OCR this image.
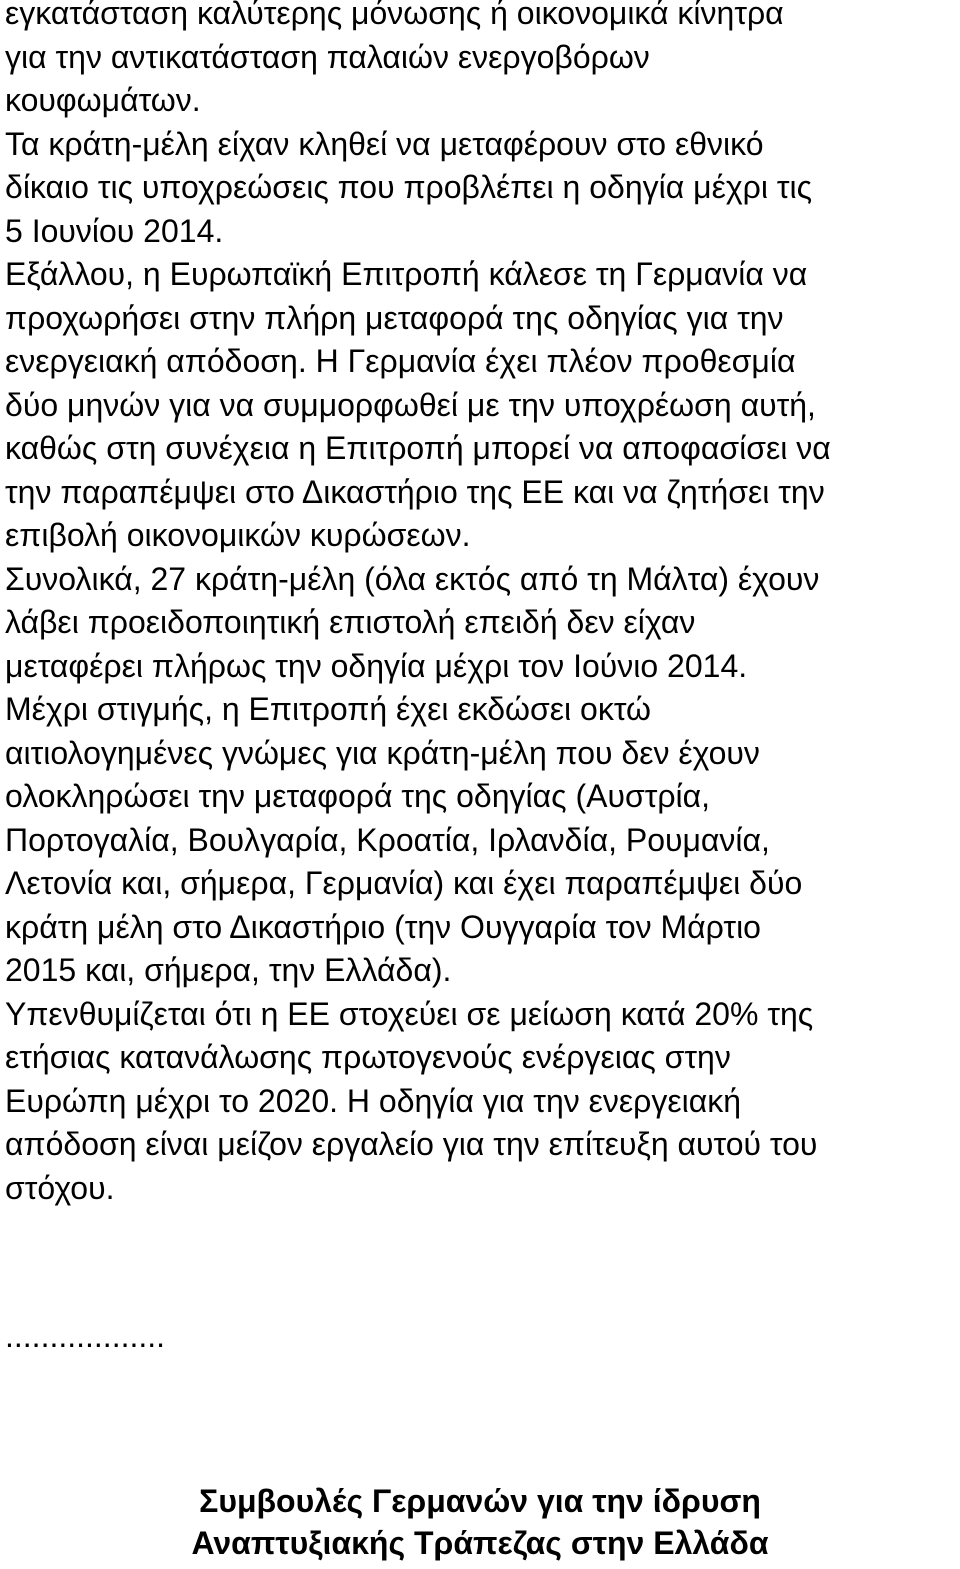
εγκατάσταση καλύτερης μόνωσης ή οικονομικά κίνητρα
για την αντικατάσταση παλαιών ενεργοβόρων
κουφωμάτων.
Τα κράτη-μέλη είχαν κληθεί να μεταφέρουν στο εθνικό
δίκαιο τις υποχρεώσεις που προβλέπει η οδηγία μέχρι τις
5 Ιουνίου 2014.
Εξάλλου, η Ευρωπαϊκή Επιτροπή κάλεσε τη Γερμανία να
προχωρήσει στην πλήρη μεταφορά της οδηγίας για την
ενεργειακή απόδοση. Η Γερμανία έχει πλέον προθεσμία
δύο μηνών για να συμμορφωθεί με την υποχρέωση αυτή,
καθώς στη συνέχεια η Επιτροπή μπορεί να αποφασίσει να
την παραπέμψει στο Δικαστήριο της ΕΕ και να ζητήσει την
επιβολή οικονομικών κυρώσεων.
Συνολικά, 27 κράτη-μέλη (όλα εκτός από τη Μάλτα) έχουν
λάβει προειδοποιητική επιστολή επειδή δεν είχαν
μεταφέρει πλήρως την οδηγία μέχρι τον Ιούνιο 2014.
Μέχρι στιγμής, η Επιτροπή έχει εκδώσει οκτώ
αιτιολογημένες γνώμες για κράτη-μέλη που δεν έχουν
ολοκληρώσει την μεταφορά της οδηγίας (Αυστρία,
Πορτογαλία, Βουλγαρία, Κροατία, Ιρλανδία, Ρουμανία,
Λετονία και, σήμερα, Γερμανία) και έχει παραπέμψει δύο
κράτη μέλη στο Δικαστήριο (την Ουγγαρία τον Μάρτιο
2015 και, σήμερα, την Ελλάδα).
Υπενθυμίζεται ότι η ΕΕ στοχεύει σε μείωση κατά 20% της
ετήσιας κατανάλωσης πρωτογενούς ενέργειας στην
Ευρώπη μέχρι το 2020. Η οδηγία για την ενεργειακή
απόδοση είναι μείζον εργαλείο για την επίτευξη αυτού του
στόχου.
..................
Συμβουλές Γερμανών για την ίδρυση
Αναπτυξιακής Τράπεζας στην Ελλάδα
